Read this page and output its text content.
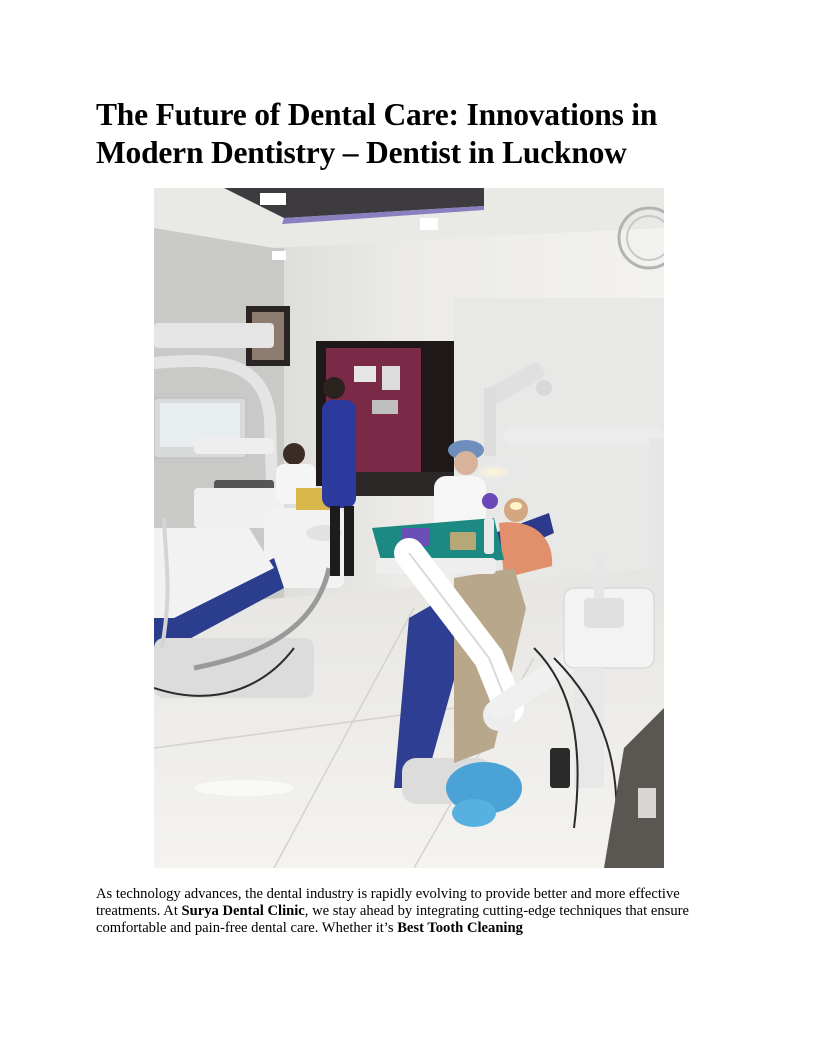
The Future of Dental Care: Innovations in
Modern Dentistry – Dentist in Lucknow

As technology advances, the dental industry is rapidly evolving to provide better and more effective treatments. At Surya Dental Clinic, we stay ahead by integrating cutting-edge techniques that ensure comfortable and pain-free dental care. Whether it’s Best Tooth Cleaning
